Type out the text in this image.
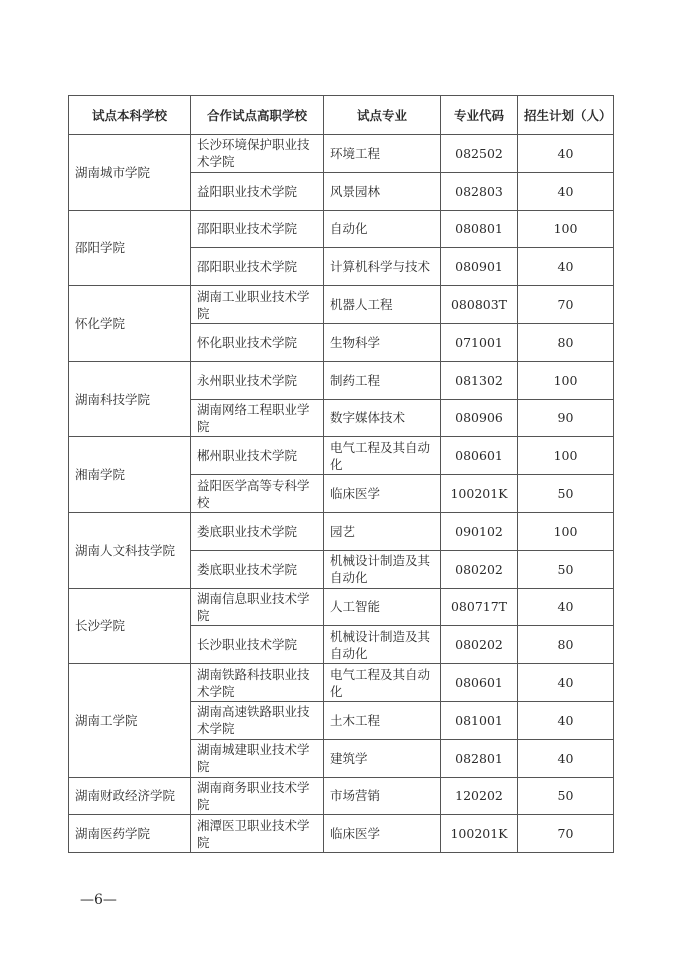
试点本科学校	合作试点高职学校	试点专业	专业代码	招生计划（人）
湖南城市学院	长沙环境保护职业技术学院	环境工程	082502	40
	益阳职业技术学院	风景园林	082803	40
邵阳学院	邵阳职业技术学院	自动化	080801	100
	邵阳职业技术学院	计算机科学与技术	080901	40
怀化学院	湖南工业职业技术学院	机器人工程	080803T	70
	怀化职业技术学院	生物科学	071001	80
湖南科技学院	永州职业技术学院	制药工程	081302	100
	湖南网络工程职业学院	数字媒体技术	080906	90
湘南学院	郴州职业技术学院	电气工程及其自动化	080601	100
	益阳医学高等专科学校	临床医学	100201K	50
湖南人文科技学院	娄底职业技术学院	园艺	090102	100
	娄底职业技术学院	机械设计制造及其自动化	080202	50
长沙学院	湖南信息职业技术学院	人工智能	080717T	40
	长沙职业技术学院	机械设计制造及其自动化	080202	80
湖南工学院	湖南铁路科技职业技术学院	电气工程及其自动化	080601	40
	湖南高速铁路职业技术学院	土木工程	081001	40
	湖南城建职业技术学院	建筑学	082801	40
湖南财政经济学院	湖南商务职业技术学院	市场营销	120202	50
湖南医药学院	湘潭医卫职业技术学院	临床医学	100201K	70
—6—
